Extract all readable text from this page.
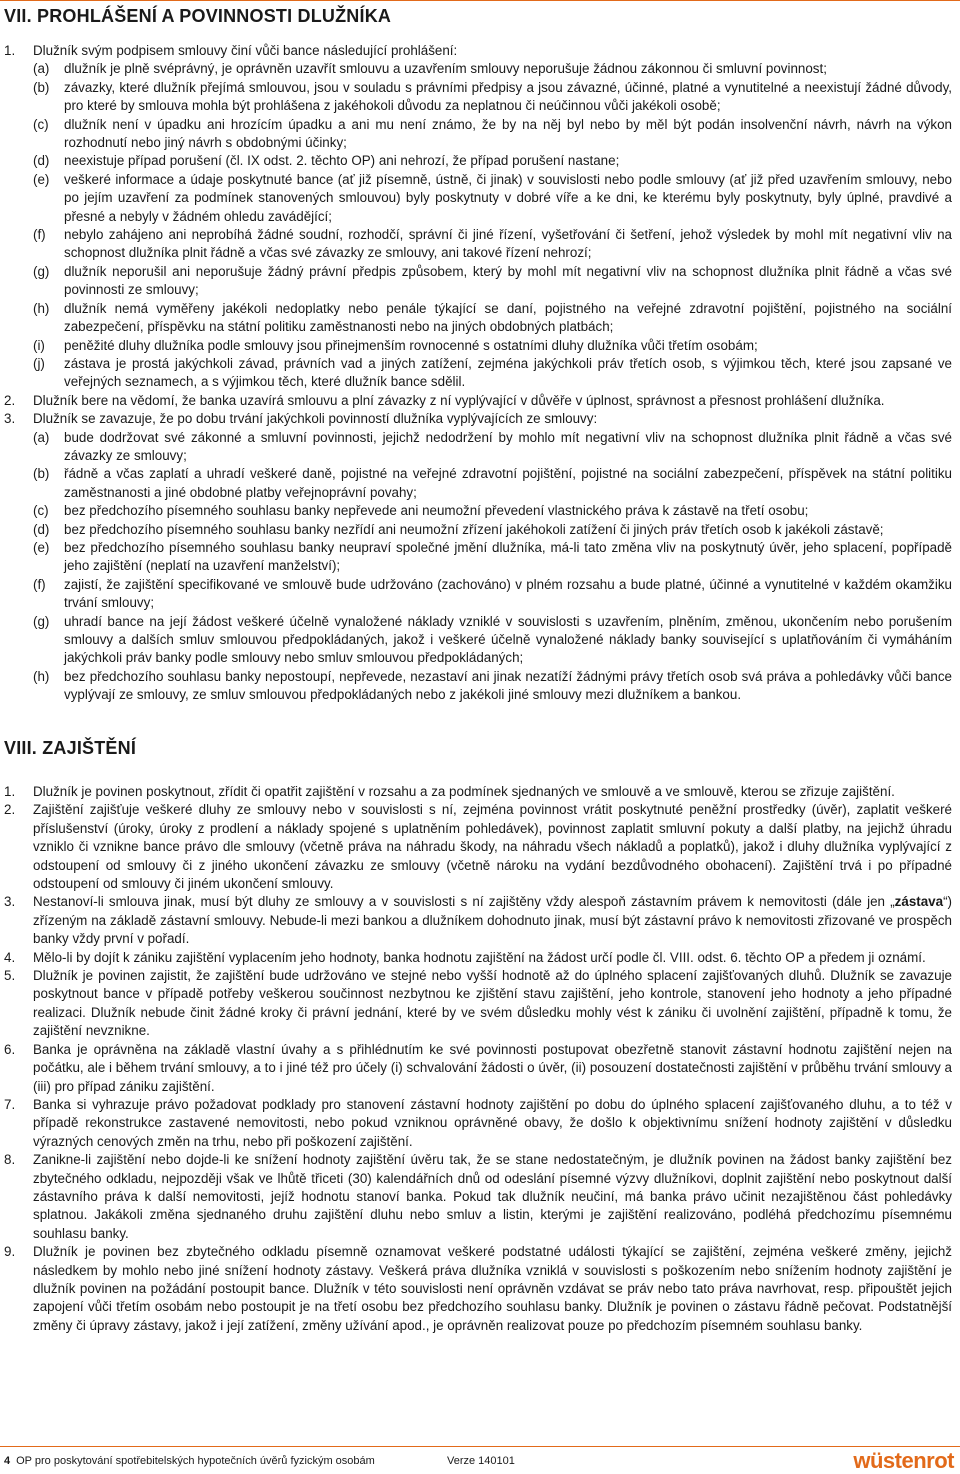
VII. PROHLÁŠENÍ A POVINNOSTI DLUŽNÍKA
1. Dlužník svým podpisem smlouvy činí vůči bance následující prohlášení:
(a) dlužník je plně svéprávný, je oprávněn uzavřít smlouvu a uzavřením smlouvy neporušuje žádnou zákonnou či smluvní povinnost;
(b) závazky, které dlužník přejímá smlouvou, jsou v souladu s právními předpisy a jsou závazné, účinné, platné a vynutitelné a neexistují žádné důvody, pro které by smlouva mohla být prohlášena z jakéhokoli důvodu za neplatnou či neúčinnou vůči jakékoli osobě;
(c) dlužník není v úpadku ani hrozícím úpadku a ani mu není známo, že by na něj byl nebo by měl být podán insolvenční návrh, návrh na výkon rozhodnutí nebo jiný návrh s obdobnými účinky;
(d) neexistuje případ porušení (čl. IX odst. 2. těchto OP) ani nehrozí, že případ porušení nastane;
(e) veškeré informace a údaje poskytnuté bance (ať již písemně, ústně, či jinak) v souvislosti nebo podle smlouvy (ať již před uzavřením smlouvy, nebo po jejím uzavření za podmínek stanovených smlouvou) byly poskytnuty v dobré víře a ke dni, ke kterému byly poskytnuty, byly úplné, pravdivé a přesné a nebyly v žádném ohledu zavádějící;
(f) nebylo zahájeno ani neprobíhá žádné soudní, rozhodčí, správní či jiné řízení, vyšetřování či šetření, jehož výsledek by mohl mít negativní vliv na schopnost dlužníka plnit řádně a včas své závazky ze smlouvy, ani takové řízení nehrozí;
(g) dlužník neporušil ani neporušuje žádný právní předpis způsobem, který by mohl mít negativní vliv na schopnost dlužníka plnit řádně a včas své povinnosti ze smlouvy;
(h) dlužník nemá vyměřeny jakékoli nedoplatky nebo penále týkající se daní, pojistného na veřejné zdravotní pojištění, pojistného na sociální zabezpečení, příspěvku na státní politiku zaměstnanosti nebo na jiných obdobných platbách;
(i) peněžité dluhy dlužníka podle smlouvy jsou přinejmenším rovnocenné s ostatními dluhy dlužníka vůči třetím osobám;
(j) zástava je prostá jakýchkoli závad, právních vad a jiných zatížení, zejména jakýchkoli práv třetích osob, s výjimkou těch, které jsou zapsané ve veřejných seznamech, a s výjimkou těch, které dlužník bance sdělil.
2. Dlužník bere na vědomí, že banka uzavírá smlouvu a plní závazky z ní vyplývající v důvěře v úplnost, správnost a přesnost prohlášení dlužníka.
3. Dlužník se zavazuje, že po dobu trvání jakýchkoli povinností dlužníka vyplývajících ze smlouvy:
(a) bude dodržovat své zákonné a smluvní povinnosti, jejichž nedodržení by mohlo mít negativní vliv na schopnost dlužníka plnit řádně a včas své závazky ze smlouvy;
(b) řádně a včas zaplatí a uhradí veškeré daně, pojistné na veřejné zdravotní pojištění, pojistné na sociální zabezpečení, příspěvek na státní politiku zaměstnanosti a jiné obdobné platby veřejnoprávní povahy;
(c) bez předchozího písemného souhlasu banky nepřevede ani neumožní převedení vlastnického práva k zástavě na třetí osobu;
(d) bez předchozího písemného souhlasu banky nezřídí ani neumožní zřízení jakéhokoli zatížení či jiných práv třetích osob k jakékoli zástavě;
(e) bez předchozího písemného souhlasu banky neupraví společné jmění dlužníka, má-li tato změna vliv na poskytnutý úvěr, jeho splacení, popřípadě jeho zajištění (neplatí na uzavření manželství);
(f) zajistí, že zajištění specifikované ve smlouvě bude udržováno (zachováno) v plném rozsahu a bude platné, účinné a vynutitelné v každém okamžiku trvání smlouvy;
(g) uhradí bance na její žádost veškeré účelně vynaložené náklady vzniklé v souvislosti s uzavřením, plněním, změnou, ukončením nebo porušením smlouvy a dalších smluv smlouvou předpokládaných, jakož i veškeré účelně vynaložené náklady banky související s uplatňováním či vymáháním jakýchkoli práv banky podle smlouvy nebo smluv smlouvou předpokládaných;
(h) bez předchozího souhlasu banky nepostoupí, nepřevede, nezastaví ani jinak nezatíží žádnými právy třetích osob svá práva a pohledávky vůči bance vyplývají ze smlouvy, ze smluv smlouvou předpokládaných nebo z jakékoli jiné smlouvy mezi dlužníkem a bankou.
VIII. ZAJIŠTĚNÍ
1. Dlužník je povinen poskytnout, zřídit či opatřit zajištění v rozsahu a za podmínek sjednaných ve smlouvě a ve smlouvě, kterou se zřizuje zajištění.
2. Zajištění zajišťuje veškeré dluhy ze smlouvy nebo v souvislosti s ní, zejména povinnost vrátit poskytnuté peněžní prostředky (úvěr), zaplatit veškeré příslušenství (úroky, úroky z prodlení a náklady spojené s uplatněním pohledávek), povinnost zaplatit smluvní pokuty a další platby, na jejichž úhradu vzniklo či vznikne bance právo dle smlouvy (včetně práva na náhradu škody, na náhradu všech nákladů a poplatků), jakož i dluhy dlužníka vyplývající z odstoupení od smlouvy či z jiného ukončení závazku ze smlouvy (včetně nároku na vydání bezdůvodného obohacení). Zajištění trvá i po případné odstoupení od smlouvy či jiném ukončení smlouvy.
3. Nestanoví-li smlouva jinak, musí být dluhy ze smlouvy a v souvislosti s ní zajištěny vždy alespoň zástavním právem k nemovitosti (dále jen „zástava“) zřízeným na základě zástavní smlouvy. Nebude-li mezi bankou a dlužníkem dohodnuto jinak, musí být zástavní právo k nemovitosti zřizované ve prospěch banky vždy první v pořadí.
4. Mělo-li by dojít k zániku zajištění vyplacením jeho hodnoty, banka hodnotu zajištění na žádost určí podle čl. VIII. odst. 6. těchto OP a předem ji oznámí.
5. Dlužník je povinen zajistit, že zajištění bude udržováno ve stejné nebo vyšší hodnotě až do úplného splacení zajišťovaných dluhů. Dlužník se zavazuje poskytnout bance v případě potřeby veškerou součinnost nezbytnou ke zjištění stavu zajištění, jeho kontrole, stanovení jeho hodnoty a jeho případné realizaci. Dlužník nebude činit žádné kroky či právní jednání, které by ve svém důsledku mohly vést k zániku či uvolnění zajištění, případně k tomu, že zajištění nevznikne.
6. Banka je oprávněna na základě vlastní úvahy a s přihlédnutím ke své povinnosti postupovat obezřetně stanovit zástavní hodnotu zajištění nejen na počátku, ale i během trvání smlouvy, a to i jiné též pro účely (i) schvalování žádosti o úvěr, (ii) posouzení dostatečnosti zajištění v průběhu trvání smlouvy a (iii) pro případ zániku zajištění.
7. Banka si vyhrazuje právo požadovat podklady pro stanovení zástavní hodnoty zajištění po dobu do úplného splacení zajišťovaného dluhu, a to též v případě rekonstrukce zastavené nemovitosti, nebo pokud vzniknou oprávněné obavy, že došlo k objektivnímu snížení hodnoty zajištění v důsledku výrazných cenových změn na trhu, nebo při poškození zajištění.
8. Zanikne-li zajištění nebo dojde-li ke snížení hodnoty zajištění úvěru tak, že se stane nedostatečným, je dlužník povinen na žádost banky zajištění bez zbytečného odkladu, nejpozději však ve lhůtě třiceti (30) kalendářních dnů od odeslání písemné výzvy dlužníkovi, doplnit zajištění nebo poskytnout další zástavního práva k další nemovitosti, jejíž hodnotu stanoví banka. Pokud tak dlužník neučiní, má banka právo učinit nezajištěnou část pohledávky splatnou. Jakákoli změna sjednaného druhu zajištění dluhu nebo smluv a listin, kterými je zajištění realizováno, podléhá předchozímu písemnému souhlasu banky.
9. Dlužník je povinen bez zbytečného odkladu písemně oznamovat veškeré podstatné události týkající se zajištění, zejména veškeré změny, jejichž následkem by mohlo nebo jiné snížení hodnoty zástavy. Veškerá práva dlužníka vzniklá v souvislosti s poškozením nebo snížením hodnoty zajištění je dlužník povinen na požádání postoupit bance. Dlužník v této souvislosti není oprávněn vzdávat se práv nebo tato práva navrhovat, resp. připouštět jejich zapojení vůči třetím osobám nebo postoupit je na třetí osobu bez předchozího souhlasu banky. Dlužník je povinen o zástavu řádně pečovat. Podstatnější změny či úpravy zástavy, jakož i její zatížení, změny užívání apod., je oprávněn realizovat pouze po předchozím písemném souhlasu banky.
4 OP pro poskytování spotřebitelských hypotečních úvěrů fyzickým osobám	Verze 140101	wüstenrot
